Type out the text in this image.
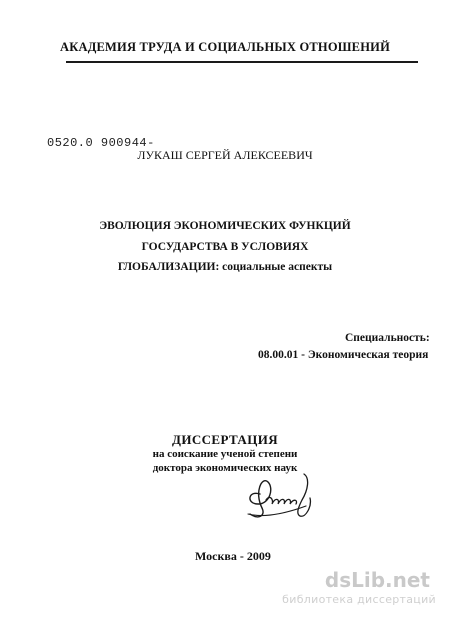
АКАДЕМИЯ ТРУДА И СОЦИАЛЬНЫХ ОТНОШЕНИЙ
0520.0 900944-
ЛУКАШ СЕРГЕЙ АЛЕКСЕЕВИЧ
ЭВОЛЮЦИЯ ЭКОНОМИЧЕСКИХ ФУНКЦИЙ
ГОСУДАРСТВА В УСЛОВИЯХ
ГЛОБАЛИЗАЦИИ: социальные аспекты
Специальность:
08.00.01 - Экономическая теория
ДИССЕРТАЦИЯ
на соискание ученой степени
доктора экономических наук
Москва - 2009
dsLib.net
библиотека диссертаций
